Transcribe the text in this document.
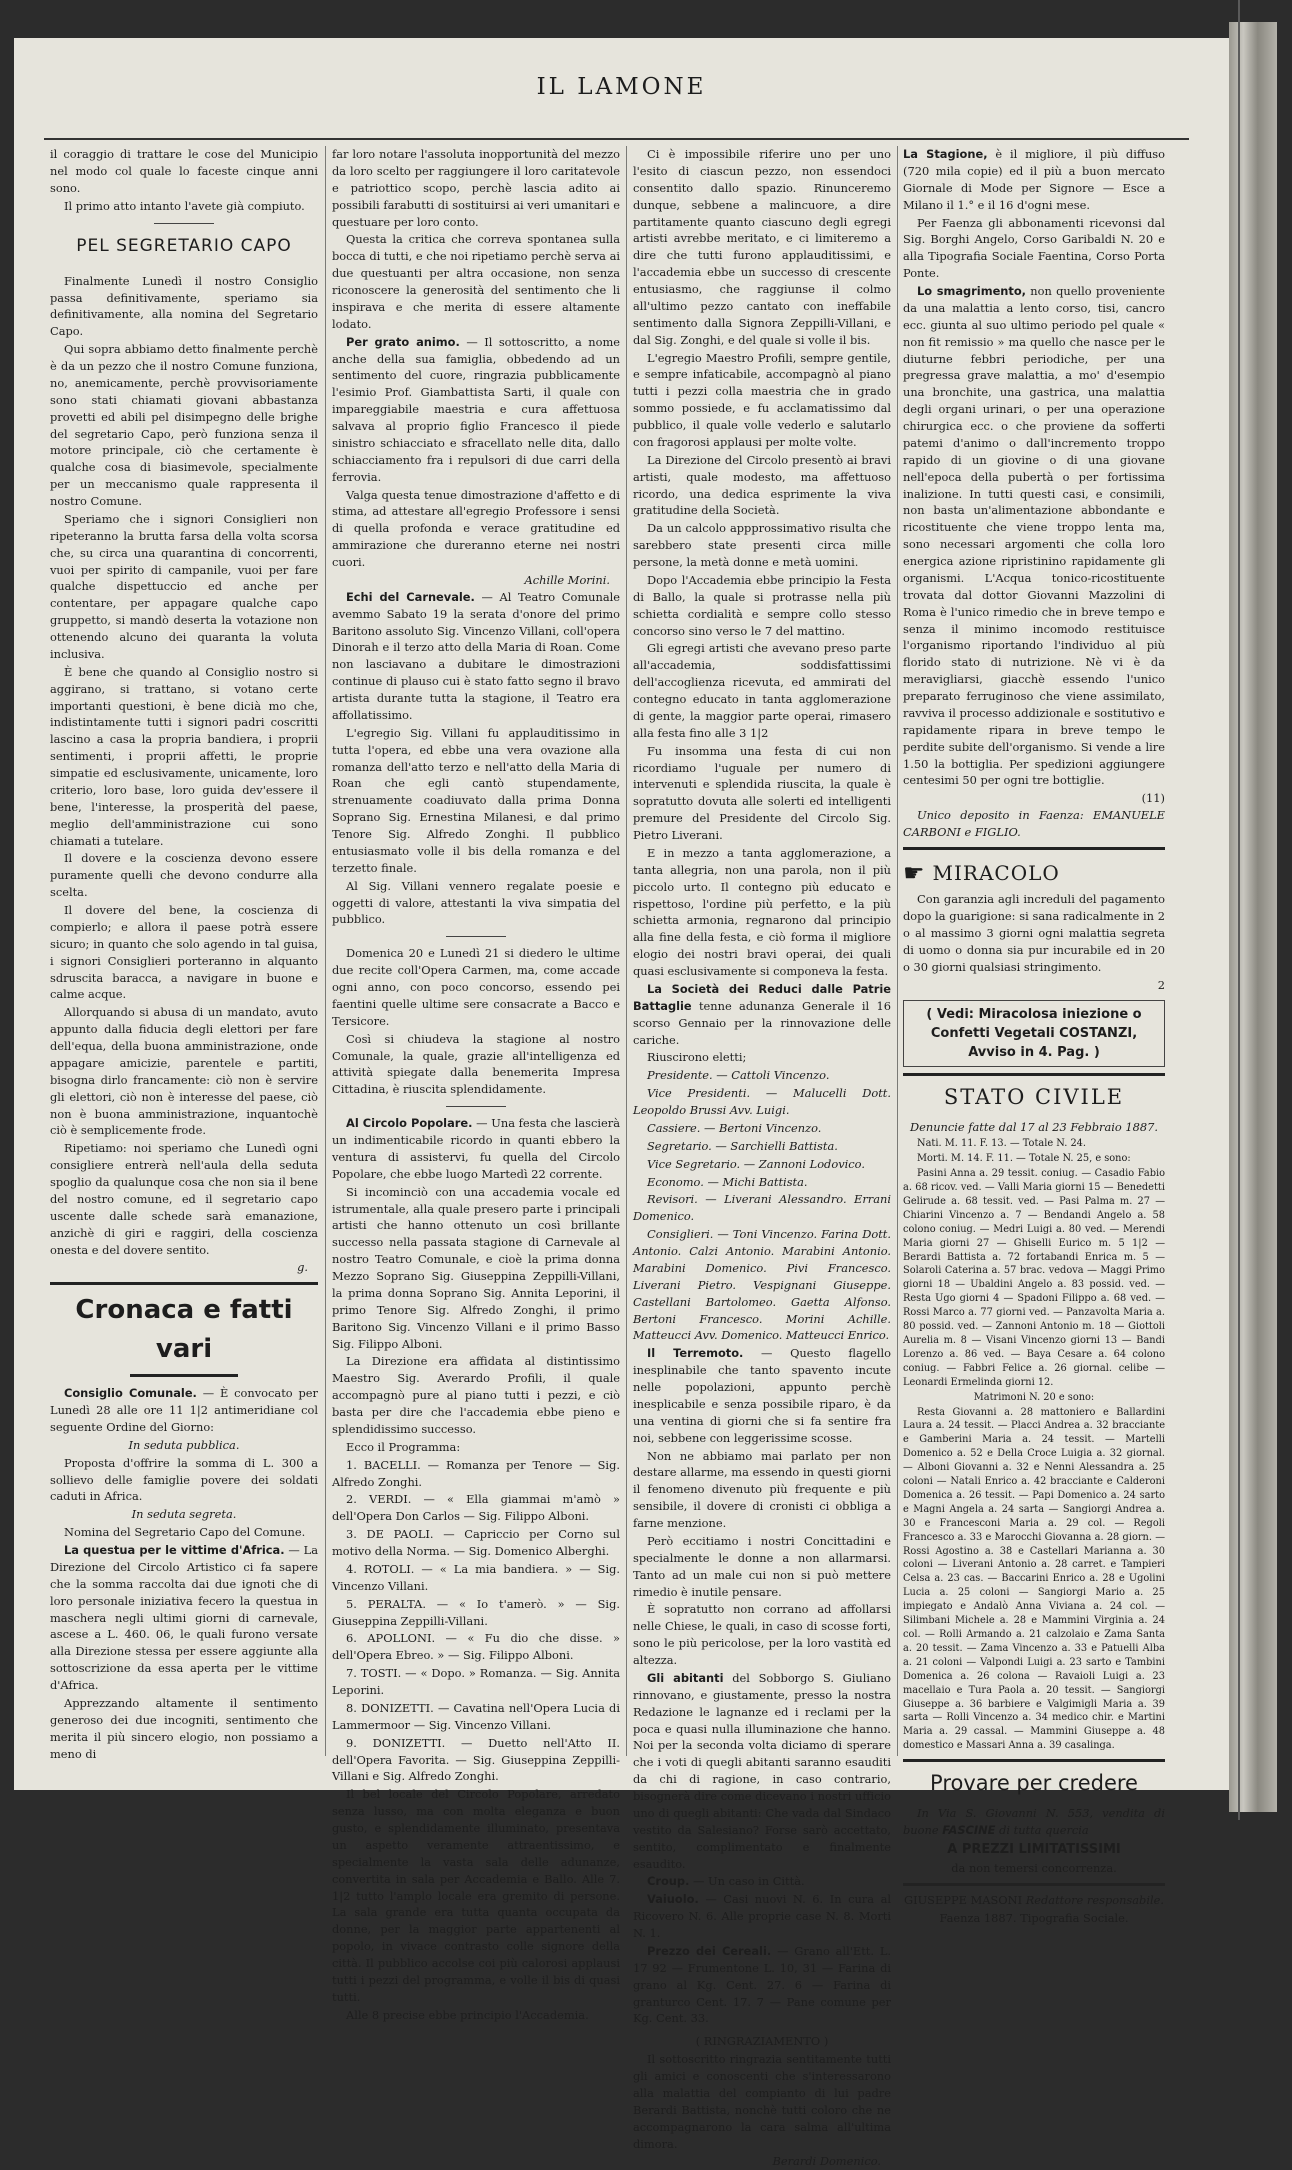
IL LAMONE

il coraggio di trattare le cose del Municipio nel modo col quale lo faceste cinque anni sono.

Il primo atto intanto l'avete già compiuto.

PEL SEGRETARIO CAPO

Finalmente Lunedì il nostro Consiglio passa definitivamente, speriamo sia definitivamente, alla nomina del Segretario Capo.

Qui sopra abbiamo detto finalmente perchè è da un pezzo che il nostro Comune funziona, no, anemicamente, perchè provvisoriamente sono stati chiamati giovani abbastanza provetti ed abili pel disimpegno delle brighe del segretario Capo, però funziona senza il motore principale, ciò che certamente è qualche cosa di biasimevole, specialmente per un meccanismo quale rappresenta il nostro Comune.

Speriamo che i signori Consiglieri non ripeteranno la brutta farsa della volta scorsa che, su circa una quarantina di concorrenti, vuoi per spirito di campanile, vuoi per fare qualche dispettuccio ed anche per contentare, per appagare qualche capo gruppetto, si mandò deserta la votazione non ottenendo alcuno dei quaranta la voluta inclusiva.

È bene che quando al Consiglio nostro si aggirano, si trattano, si votano certe importanti questioni, è bene dicià mo che, indistintamente tutti i signori padri coscritti lascino a casa la propria bandiera, i proprii sentimenti, i proprii affetti, le proprie simpatie ed esclusivamente, unicamente, loro criterio, loro base, loro guida dev'essere il bene, l'interesse, la prosperità del paese, meglio dell'amministrazione cui sono chiamati a tutelare.

Il dovere e la coscienza devono essere puramente quelli che devono condurre alla scelta.

Il dovere del bene, la coscienza di compierlo; e allora il paese potrà essere sicuro; in quanto che solo agendo in tal guisa, i signori Consiglieri porteranno in alquanto sdruscita baracca, a navigare in buone e calme acque.

Allorquando si abusa di un mandato, avuto appunto dalla fiducia degli elettori per fare dell'equa, della buona amministrazione, onde appagare amicizie, parentele e partiti, bisogna dirlo francamente: ciò non è servire gli elettori, ciò non è interesse del paese, ciò non è buona amministrazione, inquantochè ciò è semplicemente frode.

Ripetiamo: noi speriamo che Lunedì ogni consigliere entrerà nell'aula della seduta spoglio da qualunque cosa che non sia il bene del nostro comune, ed il segretario capo uscente dalle schede sarà emanazione, anzichè di giri e raggiri, della coscienza onesta e del dovere sentito.

g.
Cronaca e fatti vari

Consiglio Comunale. — È convocato per Lunedì 28 alle ore 11 1|2 antimeridiane col seguente Ordine del Giorno:

In seduta pubblica.

Proposta d'offrire la somma di L. 300 a sollievo delle famiglie povere dei soldati caduti in Africa.

In seduta segreta.

Nomina del Segretario Capo del Comune.

La questua per le vittime d'Africa. — La Direzione del Circolo Artistico ci fa sapere che la somma raccolta dai due ignoti che di loro personale iniziativa fecero la questua in maschera negli ultimi giorni di carnevale, ascese a L. 460. 06, le quali furono versate alla Direzione stessa per essere aggiunte alla sottoscrizione da essa aperta per le vittime d'Africa.

Apprezzando altamente il sentimento generoso dei due incogniti, sentimento che merita il più sincero elogio, non possiamo a meno di

far loro notare l'assoluta inopportunità del mezzo da loro scelto per raggiungere il loro caritatevole e patriottico scopo, perchè lascia adito ai possibili farabutti di sostituirsi ai veri umanitari e questuare per loro conto.

Questa la critica che correva spontanea sulla bocca di tutti, e che noi ripetiamo perchè serva ai due questuanti per altra occasione, non senza riconoscere la generosità del sentimento che li inspirava e che merita di essere altamente lodato.

Per grato animo. — Il sottoscritto, a nome anche della sua famiglia, obbedendo ad un sentimento del cuore, ringrazia pubblicamente l'esimio Prof. Giambattista Sarti, il quale con impareggiabile maestria e cura affettuosa salvava al proprio figlio Francesco il piede sinistro schiacciato e sfracellato nelle dita, dallo schiacciamento fra i repulsori di due carri della ferrovia.

Valga questa tenue dimostrazione d'affetto e di stima, ad attestare all'egregio Professore i sensi di quella profonda e verace gratitudine ed ammirazione che dureranno eterne nei nostri cuori.

Achille Morini.

Echi del Carnevale. — Al Teatro Comunale avemmo Sabato 19 la serata d'onore del primo Baritono assoluto Sig. Vincenzo Villani, coll'opera Dinorah e il terzo atto della Maria di Roan. Come non lasciavano a dubitare le dimostrazioni continue di plauso cui è stato fatto segno il bravo artista durante tutta la stagione, il Teatro era affollatissimo.

L'egregio Sig. Villani fu applauditissimo in tutta l'opera, ed ebbe una vera ovazione alla romanza dell'atto terzo e nell'atto della Maria di Roan che egli cantò stupendamente, strenuamente coadiuvato dalla prima Donna Soprano Sig. Ernestina Milanesi, e dal primo Tenore Sig. Alfredo Zonghi. Il pubblico entusiasmato volle il bis della romanza e del terzetto finale.

Al Sig. Villani vennero regalate poesie e oggetti di valore, attestanti la viva simpatia del pubblico.

Domenica 20 e Lunedì 21 si diedero le ultime due recite coll'Opera Carmen, ma, come accade ogni anno, con poco concorso, essendo pei faentini quelle ultime sere consacrate a Bacco e Tersicore.

Così si chiudeva la stagione al nostro Comunale, la quale, grazie all'intelligenza ed attività spiegate dalla benemerita Impresa Cittadina, è riuscita splendidamente.

Al Circolo Popolare. — Una festa che lascierà un indimenticabile ricordo in quanti ebbero la ventura di assistervi, fu quella del Circolo Popolare, che ebbe luogo Martedì 22 corrente.

Si incominciò con una accademia vocale ed istrumentale, alla quale presero parte i principali artisti che hanno ottenuto un così brillante successo nella passata stagione di Carnevale al nostro Teatro Comunale, e cioè la prima donna Mezzo Soprano Sig. Giuseppina Zeppilli-Villani, la prima donna Soprano Sig. Annita Leporini, il primo Tenore Sig. Alfredo Zonghi, il primo Baritono Sig. Vincenzo Villani e il primo Basso Sig. Filippo Alboni.

La Direzione era affidata al distintissimo Maestro Sig. Averardo Profili, il quale accompagnò pure al piano tutti i pezzi, e ciò basta per dire che l'accademia ebbe pieno e splendidissimo successo.

Ecco il Programma:

1. BACELLI. — Romanza per Tenore — Sig. Alfredo Zonghi.

2. VERDI. — « Ella giammai m'amò » dell'Opera Don Carlos — Sig. Filippo Alboni.

3. DE PAOLI. — Capriccio per Corno sul motivo della Norma. — Sig. Domenico Alberghi.

4. ROTOLI. — « La mia bandiera. » — Sig. Vincenzo Villani.

5. PERALTA. — « Io t'amerò. » — Sig. Giuseppina Zeppilli-Villani.

6. APOLLONI. — « Fu dio che disse. » dell'Opera Ebreo. » — Sig. Filippo Alboni.

7. TOSTI. — « Dopo. » Romanza. — Sig. Annita Leporini.

8. DONIZETTI. — Cavatina nell'Opera Lucia di Lammermoor — Sig. Vincenzo Villani.

9. DONIZETTI. — Duetto nell'Atto II. dell'Opera Favorita. — Sig. Giuseppina Zeppilli-Villani e Sig. Alfredo Zonghi.

Il bel locale del Circolo Popolare, arredato senza lusso, ma con molta eleganza e buon gusto, e splendidamente illuminato, presentava un aspetto veramente attraentissimo, e specialmente la vasta sala delle adunanze, convertita in sala per Accademia e Ballo. Alle 7. 1|2 tutto l'amplo locale era gremito di persone. La sala grande era tutta quanta occupata da donne, per la maggior parte appartenenti al popolo, in vivace contrasto colle signore della città. Il pubblico accolse coi più calorosi applausi tutti i pezzi del programma, e volle il bis di quasi tutti.

Alle 8 precise ebbe principio l'Accademia.

Ci è impossibile riferire uno per uno l'esito di ciascun pezzo, non essendoci consentito dallo spazio. Rinunceremo dunque, sebbene a malincuore, a dire partitamente quanto ciascuno degli egregi artisti avrebbe meritato, e ci limiteremo a dire che tutti furono applauditissimi, e l'accademia ebbe un successo di crescente entusiasmo, che raggiunse il colmo all'ultimo pezzo cantato con ineffabile sentimento dalla Signora Zeppilli-Villani, e dal Sig. Zonghi, e del quale si volle il bis.

L'egregio Maestro Profili, sempre gentile, e sempre infaticabile, accompagnò al piano tutti i pezzi colla maestria che in grado sommo possiede, e fu acclamatissimo dal pubblico, il quale volle vederlo e salutarlo con fragorosi applausi per molte volte.

La Direzione del Circolo presentò ai bravi artisti, quale modesto, ma affettuoso ricordo, una dedica esprimente la viva gratitudine della Società.

Da un calcolo appprossimativo risulta che sarebbero state presenti circa mille persone, la metà donne e metà uomini.

Dopo l'Accademia ebbe principio la Festa di Ballo, la quale si protrasse nella più schietta cordialità e sempre collo stesso concorso sino verso le 7 del mattino.

Gli egregi artisti che avevano preso parte all'accademia, soddisfattissimi dell'accoglienza ricevuta, ed ammirati del contegno educato in tanta agglomerazione di gente, la maggior parte operai, rimasero alla festa fino alle 3 1|2

Fu insomma una festa di cui non ricordiamo l'uguale per numero di intervenuti e splendida riuscita, la quale è sopratutto dovuta alle solerti ed intelligenti premure del Presidente del Circolo Sig. Pietro Liverani.

E in mezzo a tanta agglomerazione, a tanta allegria, non una parola, non il più piccolo urto. Il contegno più educato e rispettoso, l'ordine più perfetto, e la più schietta armonia, regnarono dal principio alla fine della festa, e ciò forma il migliore elogio dei nostri bravi operai, dei quali quasi esclusivamente si componeva la festa.

La Società dei Reduci dalle Patrie Battaglie tenne adunanza Generale il 16 scorso Gennaio per la rinnovazione delle cariche.

Riuscirono eletti;

Presidente. — Cattoli Vincenzo.

Vice Presidenti. — Malucelli Dott. Leopoldo Brussi Avv. Luigi.

Cassiere. — Bertoni Vincenzo.

Segretario. — Sarchielli Battista.

Vice Segretario. — Zannoni Lodovico.

Economo. — Michi Battista.

Revisori. — Liverani Alessandro. Errani Domenico.

Consiglieri. — Toni Vincenzo. Farina Dott. Antonio. Calzi Antonio. Marabini Antonio. Marabini Domenico. Pivi Francesco. Liverani Pietro. Vespignani Giuseppe. Castellani Bartolomeo. Gaetta Alfonso. Bertoni Francesco. Morini Achille. Matteucci Avv. Domenico. Matteucci Enrico.

Il Terremoto. — Questo flagello inesplinabile che tanto spavento incute nelle popolazioni, appunto perchè inesplicabile e senza possibile riparo, è da una ventina di giorni che si fa sentire fra noi, sebbene con leggerissime scosse.

Non ne abbiamo mai parlato per non destare allarme, ma essendo in questi giorni il fenomeno divenuto più frequente e più sensibile, il dovere di cronisti ci obbliga a farne menzione.

Però eccitiamo i nostri Concittadini e specialmente le donne a non allarmarsi. Tanto ad un male cui non si può mettere rimedio è inutile pensare.

È sopratutto non corrano ad affollarsi nelle Chiese, le quali, in caso di scosse forti, sono le più pericolose, per la loro vastità ed altezza.

Gli abitanti del Sobborgo S. Giuliano rinnovano, e giustamente, presso la nostra Redazione le lagnanze ed i reclami per la poca e quasi nulla illuminazione che hanno. Noi per la seconda volta diciamo di sperare che i voti di quegli abitanti saranno esauditi da chi di ragione, in caso contrario, bisognerà dire come dicevano i nostri ufficio uno di quegli abitanti: Che vada dal Sindaco vestito da Salesiano? Forse sarò accettato, sentito, complimentato e finalmente esaudito.

Croup. — Un caso in Città.

Vaiuolo. — Casi nuovi N. 6. In cura al Ricovero N. 6. Alle proprie case N. 8. Morti N. 1.

Prezzo dei Cereali. — Grano all'Ett. L. 17 92 — Frumentone L. 10, 31 — Farina di grano al Kg. Cent. 27. 6 — Farina di granturco Cent. 17. 7 — Pane comune per Kg. Cent. 33.

( RINGRAZIAMENTO )

Il sottoscritto ringrazia sentitamente tutti gli amici e conoscenti che s'interessarono alla malattia del compianto di lui padre Berardi Battista, nonchè tutti coloro che ne accompagnarono la cara salma all'ultima dimora.

Berardi Domenico.

La Stagione, è il migliore, il più diffuso (720 mila copie) ed il più a buon mercato Giornale di Mode per Signore — Esce a Milano il 1.° e il 16 d'ogni mese.

Per Faenza gli abbonamenti ricevonsi dal Sig. Borghi Angelo, Corso Garibaldi N. 20 e alla Tipografia Sociale Faentina, Corso Porta Ponte.

Lo smagrimento, non quello proveniente da una malattia a lento corso, tisi, cancro ecc. giunta al suo ultimo periodo pel quale « non fit remissio » ma quello che nasce per le diuturne febbri periodiche, per una pregressa grave malattia, a mo' d'esempio una bronchite, una gastrica, una malattia degli organi urinari, o per una operazione chirurgica ecc. o che proviene da sofferti patemi d'animo o dall'incremento troppo rapido di un giovine o di una giovane nell'epoca della pubertà o per fortissima inalizione. In tutti questi casi, e consimili, non basta un'alimentazione abbondante e ricostituente che viene troppo lenta ma, sono necessari argomenti che colla loro energica azione ripristinino rapidamente gli organismi. L'Acqua tonico-ricostituente trovata dal dottor Giovanni Mazzolini di Roma è l'unico rimedio che in breve tempo e senza il minimo incomodo restituisce l'organismo riportando l'individuo al più florido stato di nutrizione. Nè vi è da meravigliarsi, giacchè essendo l'unico preparato ferruginoso che viene assimilato, ravviva il processo addizionale e sostitutivo e rapidamente ripara in breve tempo le perdite subite dell'organismo. Si vende a lire 1.50 la bottiglia. Per spedizioni aggiungere centesimi 50 per ogni tre bottiglie.

(11)

Unico deposito in Faenza: EMANUELE CARBONI e FIGLIO.

☛ MIRACOLO

Con garanzia agli increduli del pagamento dopo la guarigione: si sana radicalmente in 2 o al massimo 3 giorni ogni malattia segreta di uomo o donna sia pur incurabile ed in 20 o 30 giorni qualsiasi stringimento.

2
( Vedi: Miracolosa iniezione o Confetti Vegetali COSTANZI, Avviso in 4. Pag. )
STATO CIVILE

Denuncie fatte dal 17 al 23 Febbraio 1887.

Nati. M. 11. F. 13. — Totale N. 24.

Morti. M. 14. F. 11. — Totale N. 25, e sono:

Pasini Anna a. 29 tessit. coniug. — Casadio Fabio a. 68 ricov. ved. — Valli Maria giorni 15 — Benedetti Gelirude a. 68 tessit. ved. — Pasi Palma m. 27 — Chiarini Vincenzo a. 7 — Bendandi Angelo a. 58 colono coniug. — Medri Luigi a. 80 ved. — Merendi Maria giorni 27 — Ghiselli Eurico m. 5 1|2 — Berardi Battista a. 72 fortabandi Enrica m. 5 — Solaroli Caterina a. 57 brac. vedova — Maggi Primo giorni 18 — Ubaldini Angelo a. 83 possid. ved. — Resta Ugo giorni 4 — Spadoni Filippo a. 68 ved. — Rossi Marco a. 77 giorni ved. — Panzavolta Maria a. 80 possid. ved. — Zannoni Antonio m. 18 — Giottoli Aurelia m. 8 — Visani Vincenzo giorni 13 — Bandi Lorenzo a. 86 ved. — Baya Cesare a. 64 colono coniug. — Fabbri Felice a. 26 giornal. celibe — Leonardi Ermelinda giorni 12.

Matrimoni N. 20 e sono:

Resta Giovanni a. 28 mattoniero e Ballardini Laura a. 24 tessit. — Placci Andrea a. 32 bracciante e Gamberini Maria a. 24 tessit. — Martelli Domenico a. 52 e Della Croce Luigia a. 32 giornal. — Alboni Giovanni a. 32 e Nenni Alessandra a. 25 coloni — Natali Enrico a. 42 bracciante e Calderoni Domenica a. 26 tessit. — Papi Domenico a. 24 sarto e Magni Angela a. 24 sarta — Sangiorgi Andrea a. 30 e Francesconi Maria a. 29 col. — Regoli Francesco a. 33 e Marocchi Giovanna a. 28 giorn. — Rossi Agostino a. 38 e Castellari Marianna a. 30 coloni — Liverani Antonio a. 28 carret. e Tampieri Celsa a. 23 cas. — Baccarini Enrico a. 28 e Ugolini Lucia a. 25 coloni — Sangiorgi Mario a. 25 impiegato e Andalò Anna Viviana a. 24 col. — Silimbani Michele a. 28 e Mammini Virginia a. 24 col. — Rolli Armando a. 21 calzolaio e Zama Santa a. 20 tessit. — Zama Vincenzo a. 33 e Patuelli Alba a. 21 coloni — Valpondi Luigi a. 23 sarto e Tambini Domenica a. 26 colona — Ravaioli Luigi a. 23 macellaio e Tura Paola a. 20 tessit. — Sangiorgi Giuseppe a. 36 barbiere e Valgimigli Maria a. 39 sarta — Rolli Vincenzo a. 34 medico chir. e Martini Maria a. 29 cassal. — Mammini Giuseppe a. 48 domestico e Massari Anna a. 39 casalinga.

Provare per credere

In Via S. Giovanni N. 553, vendita di buone FASCINE di tutta quercia

A PREZZI LIMITATISSIMI

da non temersi concorrenza.

GIUSEPPE MASONI Redattore responsabile.

Faenza 1887. Tipografia Sociale.
